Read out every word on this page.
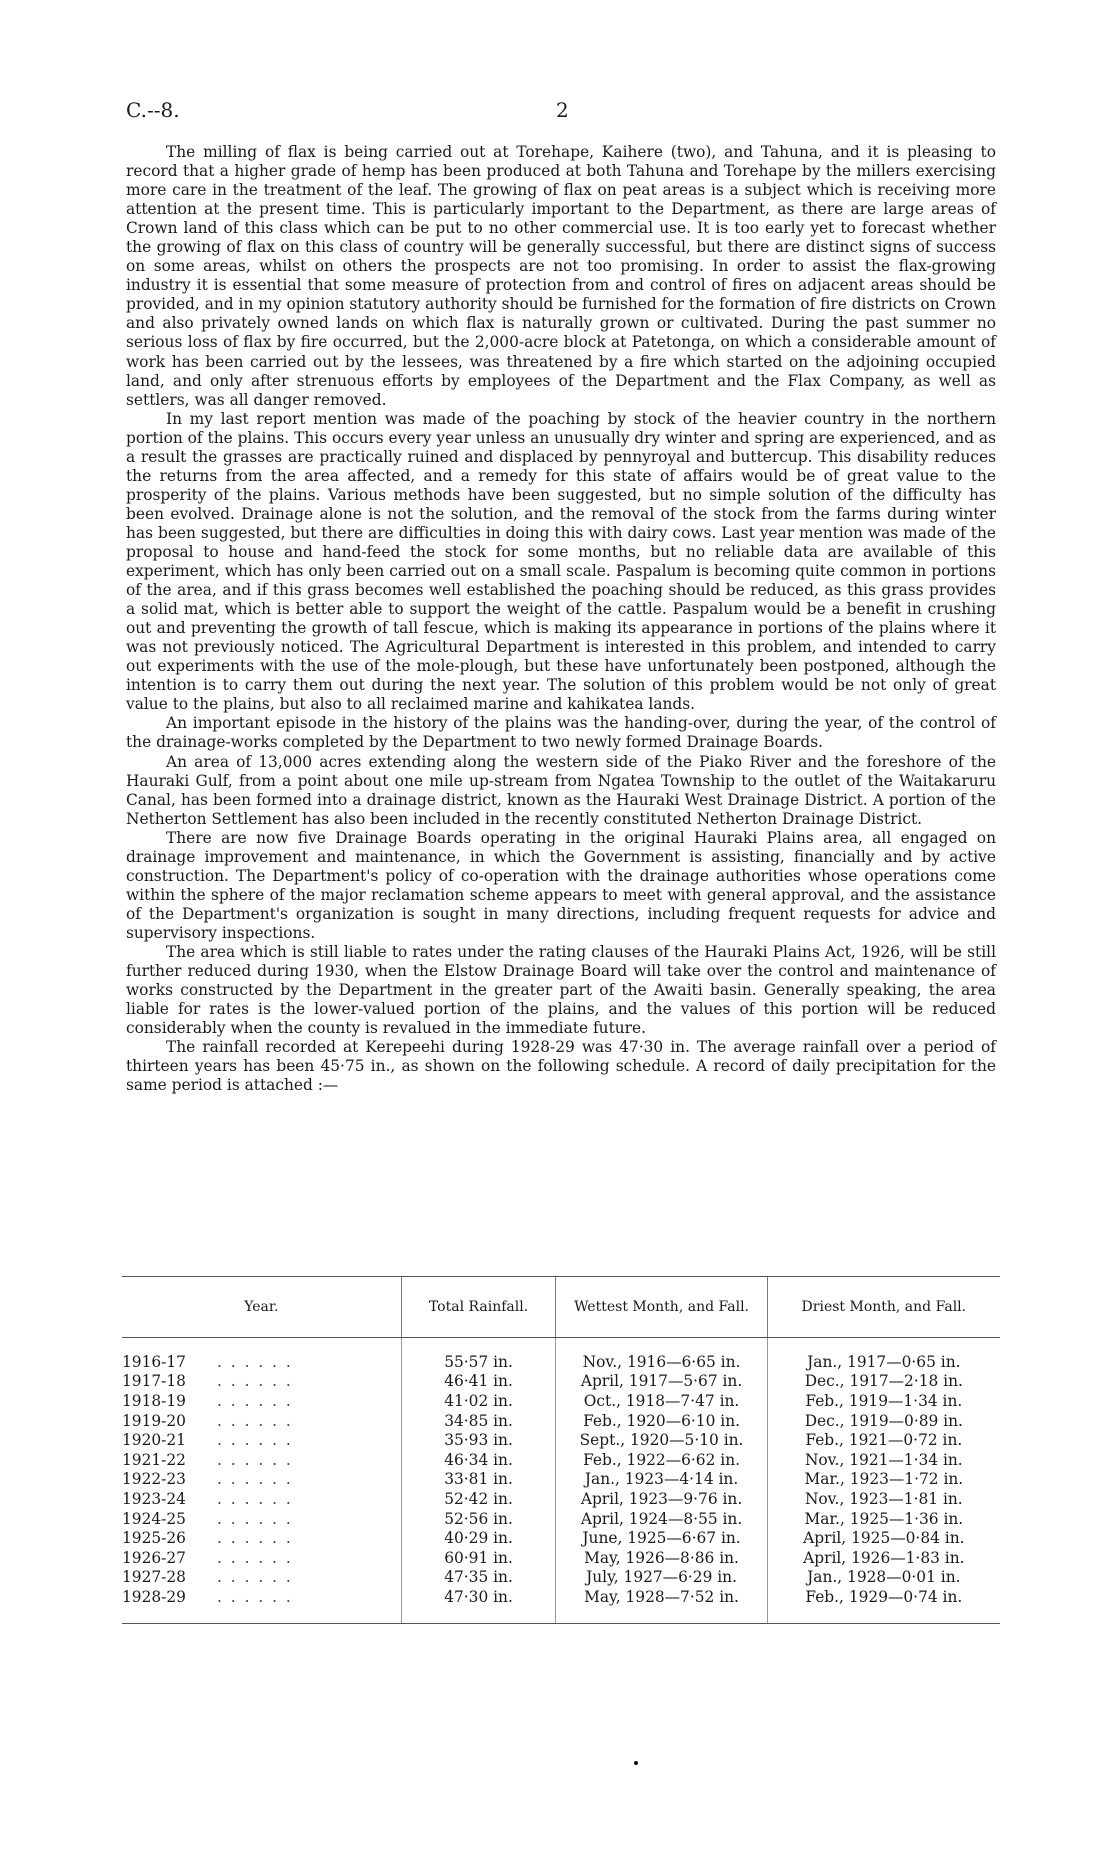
C.--8.	2

The milling of flax is being carried out at Torehape, Kaihere (two), and Tahuna, and it is pleasing to record that a higher grade of hemp has been produced at both Tahuna and Torehape by the millers exercising more care in the treatment of the leaf. The growing of flax on peat areas is a subject which is receiving more attention at the present time. This is particularly important to the Department, as there are large areas of Crown land of this class which can be put to no other commercial use. It is too early yet to forecast whether the growing of flax on this class of country will be generally successful, but there are distinct signs of success on some areas, whilst on others the prospects are not too promising. In order to assist the flax-growing industry it is essential that some measure of protection from and control of fires on adjacent areas should be provided, and in my opinion statutory authority should be furnished for the formation of fire districts on Crown and also privately owned lands on which flax is naturally grown or cultivated. During the past summer no serious loss of flax by fire occurred, but the 2,000-acre block at Patetonga, on which a considerable amount of work has been carried out by the lessees, was threatened by a fire which started on the adjoining occupied land, and only after strenuous efforts by employees of the Department and the Flax Company, as well as settlers, was all danger removed.

In my last report mention was made of the poaching by stock of the heavier country in the northern portion of the plains. This occurs every year unless an unusually dry winter and spring are experienced, and as a result the grasses are practically ruined and displaced by pennyroyal and buttercup. This disability reduces the returns from the area affected, and a remedy for this state of affairs would be of great value to the prosperity of the plains. Various methods have been suggested, but no simple solution of the difficulty has been evolved. Drainage alone is not the solution, and the removal of the stock from the farms during winter has been suggested, but there are difficulties in doing this with dairy cows. Last year mention was made of the proposal to house and hand-feed the stock for some months, but no reliable data are available of this experiment, which has only been carried out on a small scale. Paspalum is becoming quite common in portions of the area, and if this grass becomes well established the poaching should be reduced, as this grass provides a solid mat, which is better able to support the weight of the cattle. Paspalum would be a benefit in crushing out and preventing the growth of tall fescue, which is making its appearance in portions of the plains where it was not previously noticed. The Agricultural Department is interested in this problem, and intended to carry out experiments with the use of the mole-plough, but these have unfortunately been postponed, although the intention is to carry them out during the next year. The solution of this problem would be not only of great value to the plains, but also to all reclaimed marine and kahikatea lands.

An important episode in the history of the plains was the handing-over, during the year, of the control of the drainage-works completed by the Department to two newly formed Drainage Boards.

An area of 13,000 acres extending along the western side of the Piako River and the foreshore of the Hauraki Gulf, from a point about one mile up-stream from Ngatea Township to the outlet of the Waitakaruru Canal, has been formed into a drainage district, known as the Hauraki West Drainage District. A portion of the Netherton Settlement has also been included in the recently constituted Netherton Drainage District.

There are now five Drainage Boards operating in the original Hauraki Plains area, all engaged on drainage improvement and maintenance, in which the Government is assisting, financially and by active construction. The Department's policy of co-operation with the drainage authorities whose operations come within the sphere of the major reclamation scheme appears to meet with general approval, and the assistance of the Department's organization is sought in many directions, including frequent requests for advice and supervisory inspections.

The area which is still liable to rates under the rating clauses of the Hauraki Plains Act, 1926, will be still further reduced during 1930, when the Elstow Drainage Board will take over the control and maintenance of works constructed by the Department in the greater part of the Awaiti basin. Generally speaking, the area liable for rates is the lower-valued portion of the plains, and the values of this portion will be reduced considerably when the county is revalued in the immediate future.

The rainfall recorded at Kerepeehi during 1928-29 was 47·30 in. The average rainfall over a period of thirteen years has been 45·75 in., as shown on the following schedule. A record of daily precipitation for the same period is attached :—

Year.	Total Rainfall.	Wettest Month, and Fall.	Driest Month, and Fall.
1916-17 . . . . . .	55·57 in.	Nov., 1916—6·65 in.	Jan., 1917—0·65 in.
1917-18 . . . . . .	46·41 in.	April, 1917—5·67 in.	Dec., 1917—2·18 in.
1918-19 . . . . . .	41·02 in.	Oct., 1918—7·47 in.	Feb., 1919—1·34 in.
1919-20 . . . . . .	34·85 in.	Feb., 1920—6·10 in.	Dec., 1919—0·89 in.
1920-21 . . . . . .	35·93 in.	Sept., 1920—5·10 in.	Feb., 1921—0·72 in.
1921-22 . . . . . .	46·34 in.	Feb., 1922—6·62 in.	Nov., 1921—1·34 in.
1922-23 . . . . . .	33·81 in.	Jan., 1923—4·14 in.	Mar., 1923—1·72 in.
1923-24 . . . . . .	52·42 in.	April, 1923—9·76 in.	Nov., 1923—1·81 in.
1924-25 . . . . . .	52·56 in.	April, 1924—8·55 in.	Mar., 1925—1·36 in.
1925-26 . . . . . .	40·29 in.	June, 1925—6·67 in.	April, 1925—0·84 in.
1926-27 . . . . . .	60·91 in.	May, 1926—8·86 in.	April, 1926—1·83 in.
1927-28 . . . . . .	47·35 in.	July, 1927—6·29 in.	Jan., 1928—0·01 in.
1928-29 . . . . . .	47·30 in.	May, 1928—7·52 in.	Feb., 1929—0·74 in.
